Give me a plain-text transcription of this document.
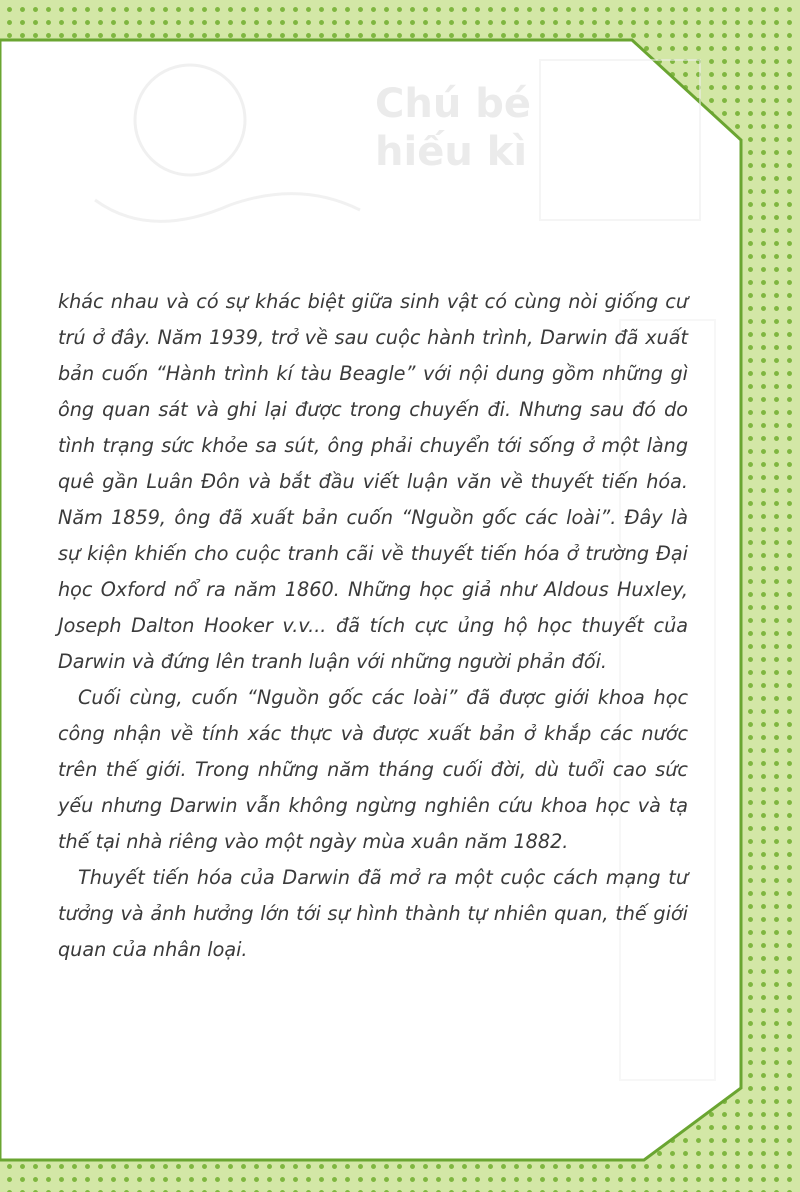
Chú bé
hiếu kì

khác nhau và có sự khác biệt giữa sinh vật có cùng nòi giống cư trú ở đây. Năm 1939, trở về sau cuộc hành trình, Darwin đã xuất bản cuốn “Hành trình kí tàu Beagle” với nội dung gồm những gì ông quan sát và ghi lại được trong chuyến đi. Nhưng sau đó do tình trạng sức khỏe sa sút, ông phải chuyển tới sống ở một làng quê gần Luân Đôn và bắt đầu viết luận văn về thuyết tiến hóa. Năm 1859, ông đã xuất bản cuốn “Nguồn gốc các loài”. Đây là sự kiện khiến cho cuộc tranh cãi về thuyết tiến hóa ở trường Đại học Oxford nổ ra năm 1860. Những học giả như Aldous Huxley, Joseph Dalton Hooker v.v... đã tích cực ủng hộ học thuyết của Darwin và đứng lên tranh luận với những người phản đối.

Cuối cùng, cuốn “Nguồn gốc các loài” đã được giới khoa học công nhận về tính xác thực và được xuất bản ở khắp các nước trên thế giới. Trong những năm tháng cuối đời, dù tuổi cao sức yếu nhưng Darwin vẫn không ngừng nghiên cứu khoa học và tạ thế tại nhà riêng vào một ngày mùa xuân năm 1882.

Thuyết tiến hóa của Darwin đã mở ra một cuộc cách mạng tư tưởng và ảnh hưởng lớn tới sự hình thành tự nhiên quan, thế giới quan của nhân loại.
